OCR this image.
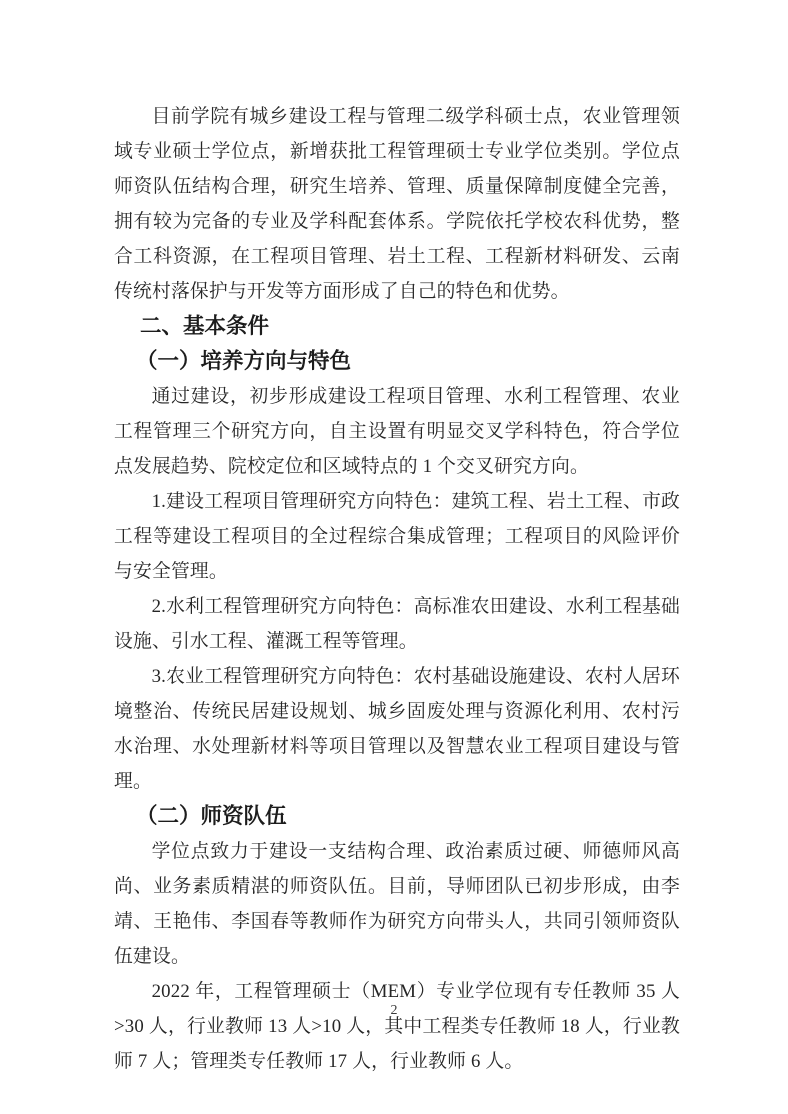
目前学院有城乡建设工程与管理二级学科硕士点，农业管理领域专业硕士学位点，新增获批工程管理硕士专业学位类别。学位点师资队伍结构合理，研究生培养、管理、质量保障制度健全完善，拥有较为完备的专业及学科配套体系。学院依托学校农科优势，整合工科资源，在工程项目管理、岩土工程、工程新材料研发、云南传统村落保护与开发等方面形成了自己的特色和优势。

二、基本条件
（一）培养方向与特色

通过建设，初步形成建设工程项目管理、水利工程管理、农业工程管理三个研究方向，自主设置有明显交叉学科特色，符合学位点发展趋势、院校定位和区域特点的 1 个交叉研究方向。

1.建设工程项目管理研究方向特色：建筑工程、岩土工程、市政工程等建设工程项目的全过程综合集成管理；工程项目的风险评价与安全管理。

2.水利工程管理研究方向特色：高标准农田建设、水利工程基础设施、引水工程、灌溉工程等管理。

3.农业工程管理研究方向特色：农村基础设施建设、农村人居环境整治、传统民居建设规划、城乡固废处理与资源化利用、农村污水治理、水处理新材料等项目管理以及智慧农业工程项目建设与管理。

（二）师资队伍

学位点致力于建设一支结构合理、政治素质过硬、师德师风高尚、业务素质精湛的师资队伍。目前，导师团队已初步形成，由李靖、王艳伟、李国春等教师作为研究方向带头人，共同引领师资队伍建设。

2022 年，工程管理硕士（MEM）专业学位现有专任教师 35 人>30 人，行业教师 13 人>10 人，其中工程类专任教师 18 人，行业教师 7 人；管理类专任教师 17 人，行业教师 6 人。

2
